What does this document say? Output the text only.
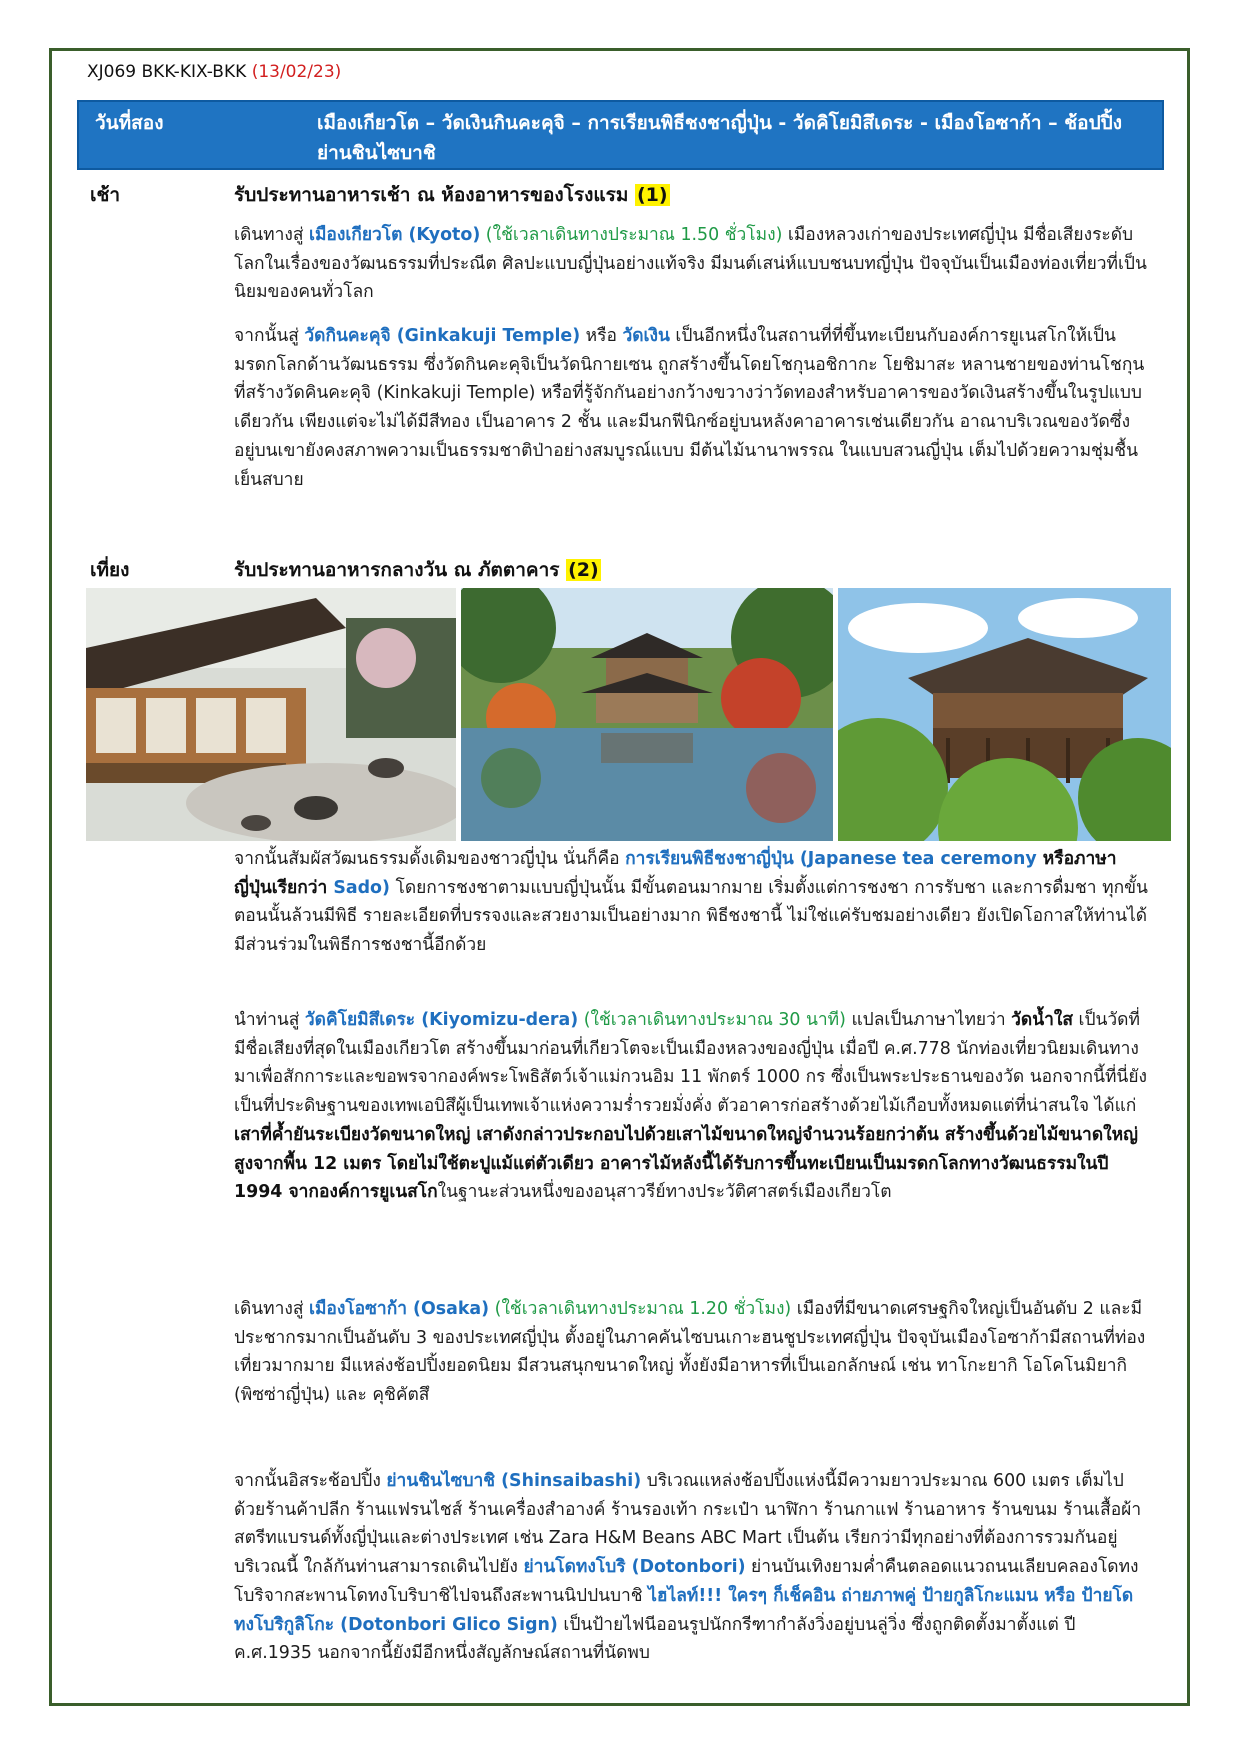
XJ069 BKK-KIX-BKK (13/02/23)
วันที่สอง	เมืองเกียวโต – วัดเงินกินคะคุจิ – การเรียนพิธีชงชาญี่ปุ่น - วัดคิโยมิสึเดระ - เมืองโอซาก้า – ช้อปปิ้งย่านชินไซบาชิ
เช้า	รับประทานอาหารเช้า ณ ห้องอาหารของโรงแรม (1)
เดินทางสู่ เมืองเกียวโต (Kyoto) (ใช้เวลาเดินทางประมาณ 1.50 ชั่วโมง) เมืองหลวงเก่าของประเทศญี่ปุ่น มีชื่อเสียงระดับโลกในเรื่องของวัฒนธรรมที่ประณีต ศิลปะแบบญี่ปุ่นอย่างแท้จริง มีมนต์เสน่ห์แบบชนบทญี่ปุ่น ปัจจุบันเป็นเมืองท่องเที่ยวที่เป็นนิยมของคนทั่วโลก
จากนั้นสู่ วัดกินคะคุจิ (Ginkakuji Temple) หรือ วัดเงิน เป็นอีกหนึ่งในสถานที่ที่ขึ้นทะเบียนกับองค์การยูเนสโกให้เป็นมรดกโลกด้านวัฒนธรรม ซึ่งวัดกินคะคุจิเป็นวัดนิกายเซน ถูกสร้างขึ้นโดยโชกุนอชิกากะ โยชิมาสะ หลานชายของท่านโชกุน ที่สร้างวัดคินคะคุจิ (Kinkakuji Temple) หรือที่รู้จักกันอย่างกว้างขวางว่าวัดทองสำหรับอาคารของวัดเงินสร้างขึ้นในรูปแบบเดียวกัน เพียงแต่จะไม่ได้มีสีทอง เป็นอาคาร 2 ชั้น และมีนกฟีนิกซ์อยู่บนหลังคาอาคารเช่นเดียวกัน อาณาบริเวณของวัดซึ่งอยู่บนเขายังคงสภาพความเป็นธรรมชาติป่าอย่างสมบูรณ์แบบ มีต้นไม้นานาพรรณ ในแบบสวนญี่ปุ่น เต็มไปด้วยความชุ่มชื้นเย็นสบาย
เที่ยง	รับประทานอาหารกลางวัน ณ ภัตตาคาร (2)
จากนั้นสัมผัสวัฒนธรรมดั้งเดิมของชาวญี่ปุ่น นั่นก็คือ การเรียนพิธีชงชาญี่ปุ่น (Japanese tea ceremony หรือภาษาญี่ปุ่นเรียกว่า Sado) โดยการชงชาตามแบบญี่ปุ่นนั้น มีขั้นตอนมากมาย เริ่มตั้งแต่การชงชา การรับชา และการดื่มชา ทุกขั้นตอนนั้นล้วนมีพิธี รายละเอียดที่บรรจงและสวยงามเป็นอย่างมาก พิธีชงชานี้ ไม่ใช่แค่รับชมอย่างเดียว ยังเปิดโอกาสให้ท่านได้มีส่วนร่วมในพิธีการชงชานี้อีกด้วย
นำท่านสู่ วัดคิโยมิสึเดระ (Kiyomizu-dera) (ใช้เวลาเดินทางประมาณ 30 นาที) แปลเป็นภาษาไทยว่า วัดน้ำใส เป็นวัดที่มีชื่อเสียงที่สุดในเมืองเกียวโต สร้างขึ้นมาก่อนที่เกียวโตจะเป็นเมืองหลวงของญี่ปุ่น เมื่อปี ค.ศ.778 นักท่องเที่ยวนิยมเดินทางมาเพื่อสักการะและขอพรจากองค์พระโพธิสัตว์เจ้าแม่กวนอิม 11 พักตร์ 1000 กร ซึ่งเป็นพระประธานของวัด นอกจากนี้ที่นี่ยังเป็นที่ประดิษฐานของเทพเอบิสึผู้เป็นเทพเจ้าแห่งความร่ำรวยมั่งคั่ง ตัวอาคารก่อสร้างด้วยไม้เกือบทั้งหมดแต่ที่น่าสนใจ ได้แก่ เสาที่ค้ำยันระเบียงวัดขนาดใหญ่ เสาดังกล่าวประกอบไปด้วยเสาไม้ขนาดใหญ่จำนวนร้อยกว่าต้น สร้างขึ้นด้วยไม้ขนาดใหญ่สูงจากพื้น 12 เมตร โดยไม่ใช้ตะปูแม้แต่ตัวเดียว อาคารไม้หลังนี้ได้รับการขึ้นทะเบียนเป็นมรดกโลกทางวัฒนธรรมในปี 1994 จากองค์การยูเนสโกในฐานะส่วนหนึ่งของอนุสาวรีย์ทางประวัติศาสตร์เมืองเกียวโต
เดินทางสู่ เมืองโอซาก้า (Osaka) (ใช้เวลาเดินทางประมาณ 1.20 ชั่วโมง) เมืองที่มีขนาดเศรษฐกิจใหญ่เป็นอันดับ 2 และมีประชากรมากเป็นอันดับ 3 ของประเทศญี่ปุ่น ตั้งอยู่ในภาคคันไซบนเกาะฮนชูประเทศญี่ปุ่น ปัจจุบันเมืองโอซาก้ามีสถานที่ท่องเที่ยวมากมาย มีแหล่งช้อปปิ้งยอดนิยม มีสวนสนุกขนาดใหญ่ ทั้งยังมีอาหารที่เป็นเอกลักษณ์ เช่น ทาโกะยากิ โอโคโนมิยากิ (พิซซ่าญี่ปุ่น) และ คุชิคัตสึ
จากนั้นอิสระช้อปปิ้ง ย่านชินไซบาชิ (Shinsaibashi) บริเวณแหล่งช้อปปิ้งแห่งนี้มีความยาวประมาณ 600 เมตร เต็มไปด้วยร้านค้าปลีก ร้านแฟรนไชส์ ร้านเครื่องสำอางค์ ร้านรองเท้า กระเป๋า นาฬิกา ร้านกาแฟ ร้านอาหาร ร้านขนม ร้านเสื้อผ้าสตรีทแบรนด์ทั้งญี่ปุ่นและต่างประเทศ เช่น Zara H&M Beans ABC Mart เป็นต้น เรียกว่ามีทุกอย่างที่ต้องการรวมกันอยู่บริเวณนี้ ใกล้กันท่านสามารถเดินไปยัง ย่านโดทงโบริ (Dotonbori) ย่านบันเทิงยามค่ำคืนตลอดแนวถนนเลียบคลองโดทงโบริจากสะพานโดทงโบริบาชิไปจนถึงสะพานนิปปนบาชิ ไฮไลท์!!! ใครๆ ก็เช็คอิน ถ่ายภาพคู่ ป้ายกูลิโกะแมน หรือ ป้ายโดทงโบริกูลิโกะ (Dotonbori Glico Sign) เป็นป้ายไฟนีออนรูปนักกรีฑากำลังวิ่งอยู่บนลู่วิ่ง ซึ่งถูกติดตั้งมาตั้งแต่ ปี ค.ศ.1935 นอกจากนี้ยังมีอีกหนึ่งสัญลักษณ์สถานที่นัดพบ
